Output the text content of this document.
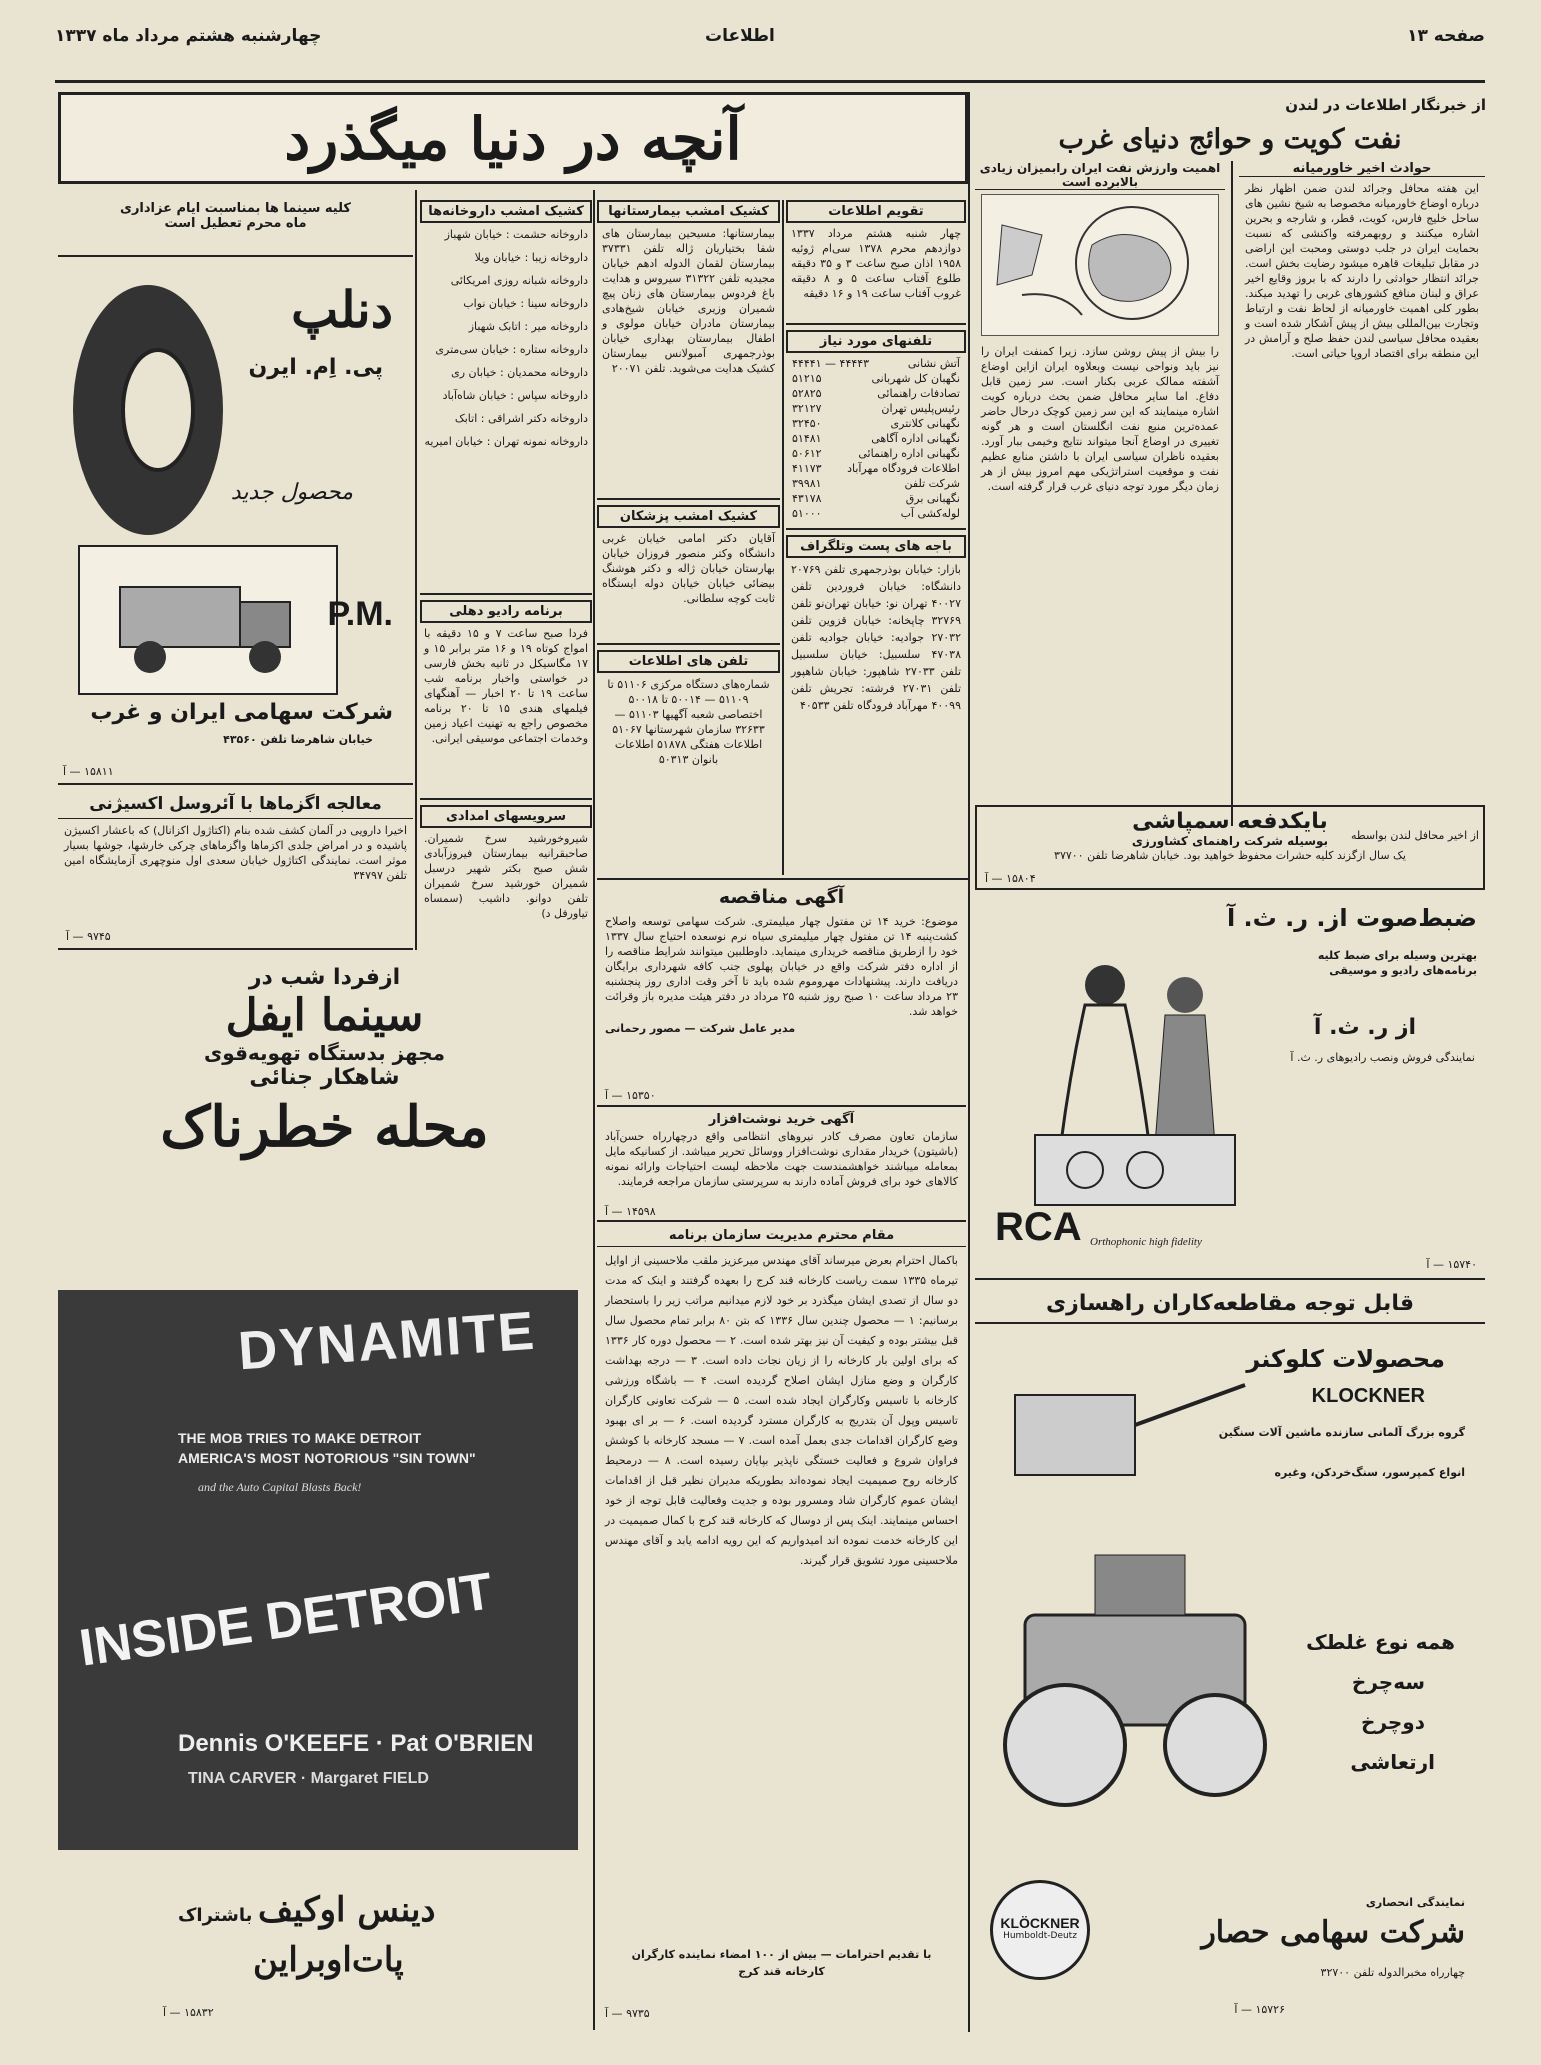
صفحه ۱۳
اطلاعات
چهارشنبه هشتم مرداد ماه ۱۳۳۷
آنچه در دنیا میگذرد	از خبرنگار اطلاعات در لندن
نفت کویت و حوائج دنیای غرب
حوادث اخیر خاورمیانه
این هفته محافل وجرائد لندن ضمن اظهار نظر درباره اوضاع خاورمیانه مخصوصا به شیخ نشین های ساحل خلیج فارس، کویت، قطر، و شارجه و بحرین اشاره میکنند و روبهمرفته واکنشی که نسبت بحمایت ایران در جلب دوستی ومحبت این اراضی در مقابل تبلیغات قاهره میشود رضایت بخش است. جرائد انتظار حوادثی را دارند که با بروز وقایع اخیر عراق و لبنان منافع کشورهای غربی را تهدید میکند. بطور کلی اهمیت خاورمیانه از لحاظ نفت و ارتباط وتجارت بین‌المللی بیش از پیش آشکار شده است و بعقیده محافل سیاسی لندن حفظ صلح و آرامش در این منطقه برای اقتصاد اروپا حیاتی است.
اهمیت وارزش نفت ایران رابمیزان زیادی بالابرده است
را بیش از پیش روشن سازد. زیرا کمنفت ایران را نیز باید ونواحی نیست وبعلاوه ایران ازاین اوضاع آشفته ممالک عربی بکنار است. سر زمین قابل دفاع. اما سایر محافل ضمن بحث درباره کویت اشاره مینمایند که این سر زمین کوچک درحال حاضر عمده‌ترین منبع نفت انگلستان است و هر گونه تغییری در اوضاع آنجا میتواند نتایج وخیمی ببار آورد. بعقیده ناظران سیاسی ایران با داشتن منابع عظیم نفت و موقعیت استراتژیکی مهم امروز بیش از هر زمان دیگر مورد توجه دنیای غرب قرار گرفته است.
از اخیر محافل لندن بواسطه
بایکدفعه سمپاشی
بوسیله شرکت راهنمای کشاورزی
یک سال ازگزند کلیه حشرات محفوظ خواهید بود. خیابان شاهرضا تلفن ۳۷۷۰۰
۱۵۸۰۴ — آ
ضبط‌صوت از. ر. ث. آ
بهترین وسیله برای ضبط کلیه برنامه‌های رادیو و موسیقی
از ر. ث. آ
نمایندگی فروش ونصب رادیوهای ر. ث. آ
RCA Orthophonic high fidelity
۱۵۷۴۰ — آ
قابل توجه مقاطعه‌کاران راهسازی
محصولات کلوکنر
KLOCKNER
گروه بزرگ آلمانی سازنده ماشین آلات سنگین
انواع کمپرسور، سنگ‌خردکن، وغیره
همه نوع غلطک
سه‌چرخ
دوچرخ
ارتعاشی
KLÖCKNER
Humboldt-Deutz
نمایندگی انحصاری
شرکت سهامی حصار
چهارراه مخبرالدوله تلفن ۳۲۷۰۰
۱۵۷۲۶ — آ
کلیه سینما ها بمناسبت ایام عزاداری
ماه محرم تعطیل است
دنلپ
پی. اِم. ایرن
محصول جدید
P.M.
شرکت سهامی ایران و غرب
خیابان شاهرضا تلفن ۴۳۵۶۰
۱۵۸۱۱ — آ
معالجه اگزماها با آئروسل اکسیژنی
اخیرا دارویی در آلمان کشف شده بنام (اکتاژول اکزانال) که باعشار اکسیژن پاشیده و در امراض جلدی اکزماها واگزماهای چرکی خارشها، جوشها بسیار موثر است. نمایندگی اکتاژول خیابان سعدی اول منوچهری آزمایشگاه امین تلفن ۳۴۷۹۷
۹۷۴۵ — آ
ازفردا شب در
سینما ایفل
مجهز بدستگاه تهویه‌قوی
شاهکار جنائی
محله خطرناک
DYNAMITE
THE MOB TRIES TO MAKE DETROIT
AMERICA'S MOST NOTORIOUS "SIN TOWN"
and the Auto Capital Blasts Back!
INSIDE DETROIT
Dennis O'KEEFE · Pat O'BRIEN
TINA CARVER · Margaret FIELD
باشتراک دینس اوکیف
پات‌اوبراین
۱۵۸۳۲ — آ
کشیک امشب داروخانه‌ها
داروخانه حشمت : خیابان شهباز
داروخانه زیبا : خیابان ویلا
داروخانه شبانه روزی امریکائی
داروخانه سینا : خیابان نواب
داروخانه میر : اتابک شهباز
داروخانه ستاره : خیابان سی‌متری
داروخانه محمدیان : خیابان ری
داروخانه سپاس : خیابان شاه‌آباد
داروخانه دکتر اشراقی : اتابک
داروخانه نمونه تهران : خیابان امیریه
برنامه رادیو دهلی
فردا صبح ساعت ۷ و ۱۵ دقیقه با امواج کوتاه ۱۹ و ۱۶ متر برابر ۱۵ و ۱۷ مگاسیکل در ثانیه بخش فارسی در خواستی واخبار برنامه شب ساعت ۱۹ تا ۲۰ اخبار — آهنگهای فیلمهای هندی ۱۵ تا ۲۰ برنامه مخصوص راجع به تهنیت اعیاد زمین وخدمات اجتماعی موسیقی ایرانی.
سرویسهای امدادی
شیروخورشید سرخ شمیران. صاحبقرانیه بیمارستان فیروزآبادی شش صبح بکتر شهیر درسبل شمیران خورشید سرخ شمیران تلفن دوانو. داشیب (سمساه تیاورفل د)
کشیک امشب بیمارستانها
بیمارستانها: مسیحین بیمارستان های شفا بختیاریان ژاله تلفن ۳۷۳۳۱ بیمارستان لقمان الدوله ادهم خیابان مجیدیه تلفن ۳۱۳۲۲ سیروس و هدایت باغ فردوس بیمارستان های زنان پیچ شمیران وزیری خیابان شیخ‌هادی بیمارستان مادران خیابان مولوی و اطفال بیمارستان بهداری خیابان بوذرجمهری آمبولانس بیمارستان کشیک هدایت می‌شوید. تلفن ۲۰۰۷۱
کشیک امشب پزشکان
آقایان دکتر امامی خیابان غربی دانشگاه وکتر منصور فروزان خیابان بهارستان خیابان ژاله و دکتر هوشنگ بیضائی خیابان خیابان دوله ایستگاه ثابت کوچه سلطانی.
تلفن های اطلاعات
شماره‌های دستگاه مرکزی ۵۱۱۰۶ تا ۵۱۱۰۹ — ۵۰۰۱۴ تا ۵۰۰۱۸ اختصاصی شعبه آگهیها ۵۱۱۰۳ — ۳۲۶۳۳ سازمان شهرستانها ۵۱۰۶۷ اطلاعات هفتگی ۵۱۸۷۸ اطلاعات بانوان ۵۰۳۱۳
تقویم اطلاعات
چهار شنبه هشتم مرداد ۱۳۳۷ دوازدهم محرم ۱۳۷۸ سی‌ام ژوئیه ۱۹۵۸ اذان صبح ساعت ۳ و ۳۵ دقیقه طلوع آفتاب ساعت ۵ و ۸ دقیقه غروب آفتاب ساعت ۱۹ و ۱۶ دقیقه
تلفنهای مورد نیاز
آتش نشانی
۴۴۴۴۳ — ۴۴۴۴۱
نگهبان کل شهربانی
۵۱۲۱۵
تصادفات راهنمائی
۵۲۸۲۵
رئیس‌پلیس تهران
۳۲۱۲۷
نگهبانی کلانتری
۳۲۴۵۰
نگهبانی اداره آگاهی
۵۱۴۸۱
نگهبانی اداره راهنمائی
۵۰۶۱۲
اطلاعات فرودگاه مهرآباد
۴۱۱۷۳
شرکت تلفن
۳۹۹۸۱
نگهبانی برق
۴۳۱۷۸
لوله‌کشی آب
۵۱۰۰۰
باجه های پست وتلگراف
بازار: خیابان بوذرجمهری تلفن ۲۰۷۶۹ دانشگاه: خیابان فروردین تلفن ۴۰۰۲۷ تهران نو: خیابان تهران‌نو تلفن ۳۲۷۶۹ چاپخانه: خیابان قزوین تلفن ۲۷۰۳۲ جوادیه: خیابان جوادیه تلفن ۴۷۰۳۸ سلسبیل: خیابان سلسبیل تلفن ۲۷۰۳۳ شاهپور: خیابان شاهپور تلفن ۲۷۰۳۱ فرشته: تجریش تلفن ۴۰۰۹۹ مهرآباد فرودگاه تلفن ۴۰۵۳۳
آگهی مناقصه
موضوع: خرید ۱۴ تن مفتول چهار میلیمتری. شرکت سهامی توسعه واصلاح کشت‌پنبه ۱۴ تن مفتول چهار میلیمتری سیاه نرم نوسعده احتیاج سال ۱۳۳۷ خود را ازطریق مناقصه خریداری مینماید. داوطلبین میتوانند شرایط مناقصه را از اداره دفتر شرکت واقع در خیابان پهلوی جنب کافه شهرداری برایگان دریافت دارند. پیشنهادات مهروموم شده باید تا آخر وقت اداری روز پنجشنبه ۲۳ مرداد ساعت ۱۰ صبح روز شنبه ۲۵ مرداد در دفتر هیئت مدیره باز وقرائت خواهد شد.
مدیر عامل شرکت — مصور رحمانی
۱۵۳۵۰ — آ
آگهی خرید نوشت‌افزار
سازمان تعاون مصرف کادر نیروهای انتظامی واقع درچهارراه حسن‌آباد (باشیتون) خریدار مقداری نوشت‌افزار ووسائل تحریر میباشد. از کسانیکه مایل بمعامله میباشند خواهشمندست جهت ملاحظه لیست احتیاجات وارائه نمونه کالاهای خود برای فروش آماده دارند به سرپرستی سازمان مراجعه فرمایند.
۱۴۵۹۸ — آ
مقام محترم مدیریت سازمان برنامه
باکمال احترام بعرض میرساند آقای مهندس میرعزیز ملقب ملاحسینی از اوایل تیرماه ۱۳۳۵ سمت ریاست کارخانه قند کرج را بعهده گرفتند و اینک که مدت دو سال از تصدی ایشان میگذرد بر خود لازم میدانیم مراتب زیر را باستحضار برسانیم: ۱ — محصول چندین سال ۱۳۳۶ که بتن ۸۰ برابر تمام محصول سال قبل بیشتر بوده و کیفیت آن نیز بهتر شده است. ۲ — محصول دوره کار ۱۳۳۶ که برای اولین بار کارخانه را از زیان نجات داده است. ۳ — درجه بهداشت کارگران و وضع منازل ایشان اصلاح گردیده است. ۴ — باشگاه ورزشی کارخانه با تاسیس وکارگران ایجاد شده است. ۵ — شرکت تعاونی کارگران تاسیس وپول آن بتدریج به کارگران مسترد گردیده است. ۶ — بر ای بهبود وضع کارگران اقدامات جدی بعمل آمده است. ۷ — مسجد کارخانه با کوشش فراوان شروع و فعالیت خستگی ناپذیر بپایان رسیده است. ۸ — درمحیط کارخانه روح صمیمیت ایجاد نموده‌اند بطوریکه مدیران نظیر قبل از اقدامات ایشان عموم کارگران شاد ومسرور بوده و جدیت وفعالیت قابل توجه از خود احساس مینمایند. اینک پس از دوسال که کارخانه قند کرج با کمال صمیمیت در این کارخانه خدمت نموده اند امیدواریم که این رویه ادامه یابد و آقای مهندس ملاحسینی مورد تشویق قرار گیرند.
با تقدیم احترامات — بیش از ۱۰۰ امضاء نماینده کارگران
کارخانه قند کرج
۹۷۳۵ — آ
